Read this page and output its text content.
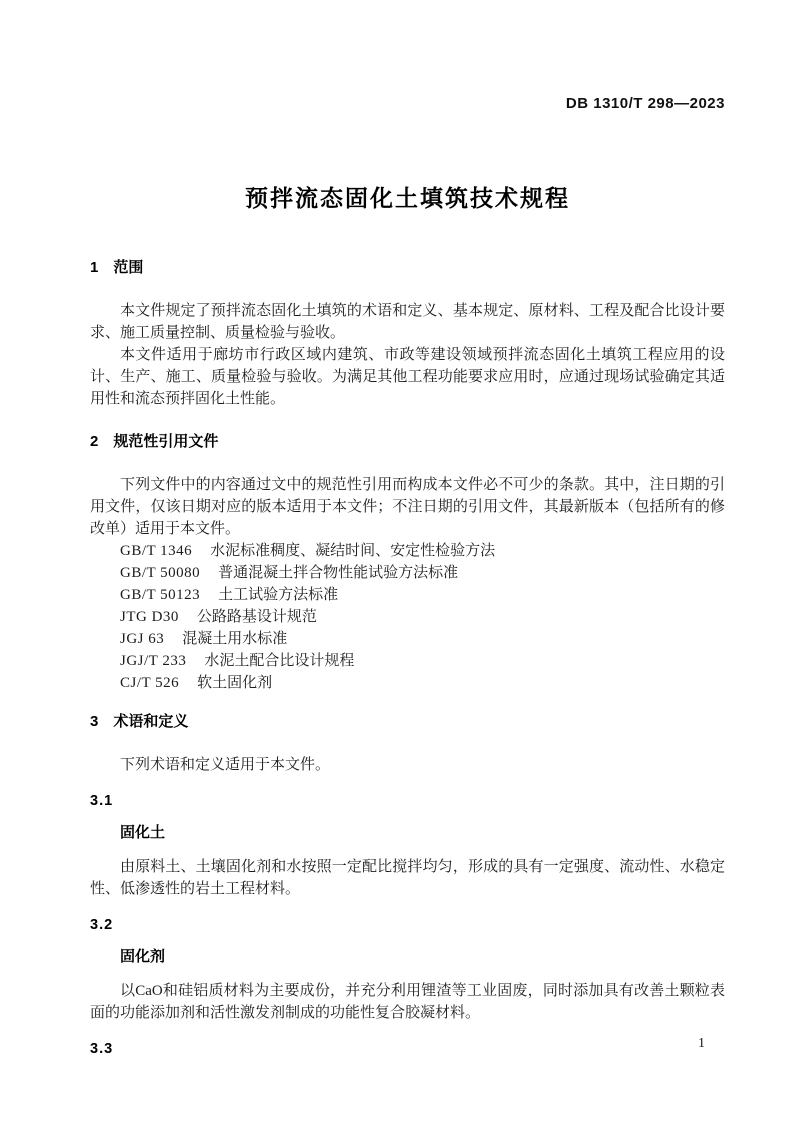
DB 1310/T 298—2023
预拌流态固化土填筑技术规程
1 范围

本文件规定了预拌流态固化土填筑的术语和定义、基本规定、原材料、工程及配合比设计要求、施工质量控制、质量检验与验收。

本文件适用于廊坊市行政区域内建筑、市政等建设领域预拌流态固化土填筑工程应用的设计、生产、施工、质量检验与验收。为满足其他工程功能要求应用时，应通过现场试验确定其适用性和流态预拌固化土性能。

2 规范性引用文件

下列文件中的内容通过文中的规范性引用而构成本文件必不可少的条款。其中，注日期的引用文件，仅该日期对应的版本适用于本文件；不注日期的引用文件，其最新版本（包括所有的修改单）适用于本文件。

GB/T 1346 水泥标准稠度、凝结时间、安定性检验方法
GB/T 50080 普通混凝土拌合物性能试验方法标准
GB/T 50123 土工试验方法标准
JTG D30 公路路基设计规范
JGJ 63 混凝土用水标准
JGJ/T 233 水泥土配合比设计规程
CJ/T 526 软土固化剂
3 术语和定义

下列术语和定义适用于本文件。

3.1
固化土

由原料土、土壤固化剂和水按照一定配比搅拌均匀，形成的具有一定强度、流动性、水稳定性、低渗透性的岩土工程材料。

3.2
固化剂

以CaO和硅铝质材料为主要成份，并充分利用锂渣等工业固废，同时添加具有改善土颗粒表面的功能添加剂和活性激发剂制成的功能性复合胶凝材料。

3.3	1
